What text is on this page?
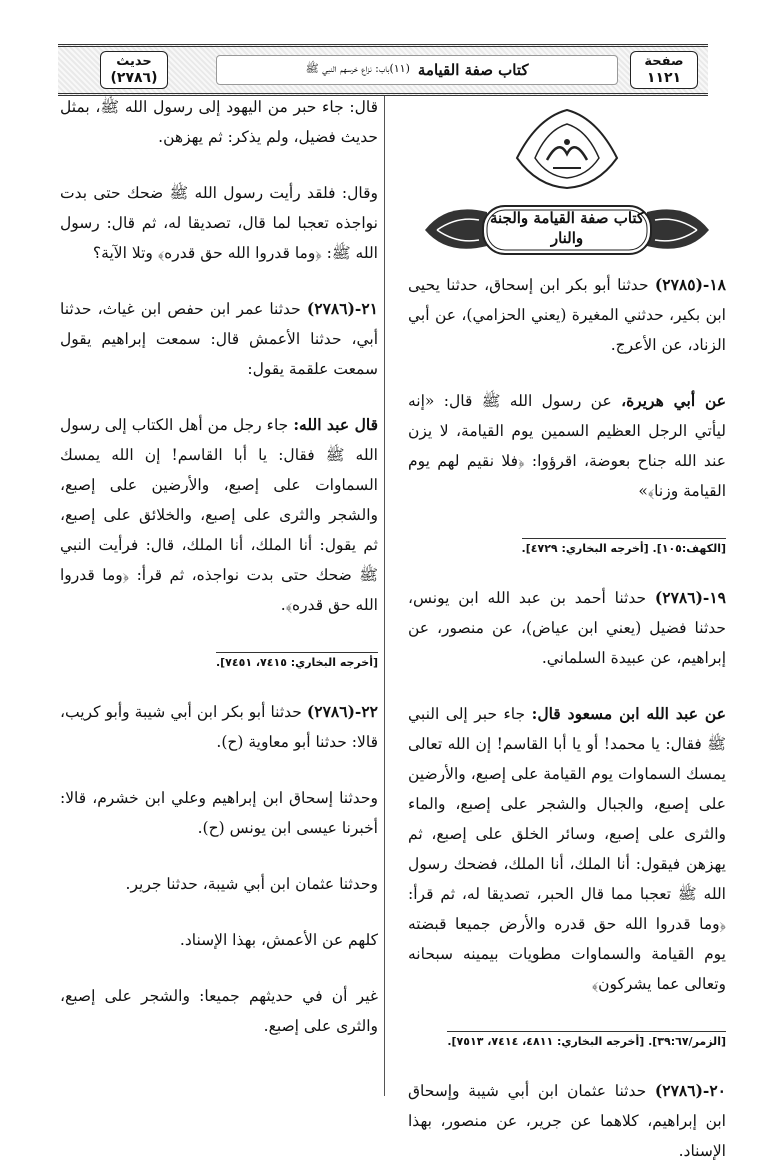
حديث
(٢٧٨٦)	كتاب صفة القيامة
(١١)باب: نزاع خرسهم النبي ﷺ	صفحة
١١٢١
كتاب صفة القيامة والجنة والنار

١٨-(٢٧٨٥) حدثنا أبو بكر ابن إسحاق، حدثنا يحيى ابن بكير، حدثني المغيرة (يعني الحزامي)، عن أبي الزناد، عن الأعرج.

عن أبي هريرة، عن رسول الله ﷺ قال: «إنه ليأتي الرجل العظيم السمين يوم القيامة، لا يزن عند الله جناح بعوضة، اقرؤوا: ﴿فلا نقيم لهم يوم القيامة وزنا﴾»

[الكهف:١٠٥]. [أخرجه البخاري: ٤٧٢٩].

١٩-(٢٧٨٦) حدثنا أحمد بن عبد الله ابن يونس، حدثنا فضيل (يعني ابن عياض)، عن منصور، عن إبراهيم، عن عبيدة السلماني.

عن عبد الله ابن مسعود قال: جاء حبر إلى النبي ﷺ فقال: يا محمد! أو يا أبا القاسم! إن الله تعالى يمسك السماوات يوم القيامة على إصبع، والأرضين على إصبع، والجبال والشجر على إصبع، والماء والثرى على إصبع، وسائر الخلق على إصبع، ثم يهزهن فيقول: أنا الملك، أنا الملك، فضحك رسول الله ﷺ تعجبا مما قال الحبر، تصديقا له، ثم قرأ: ﴿وما قدروا الله حق قدره والأرض جميعا قبضته يوم القيامة والسماوات مطويات بيمينه سبحانه وتعالى عما يشركون﴾

[الزمر/٣٩:٦٧]. [أخرجه البخاري: ٤٨١١، ٧٤١٤، ٧٥١٣].

٢٠-(٢٧٨٦) حدثنا عثمان ابن أبي شيبة وإسحاق ابن إبراهيم، كلاهما عن جرير، عن منصور، بهذا الإسناد.

قال: جاء حبر من اليهود إلى رسول الله ﷺ، بمثل حديث فضيل، ولم يذكر: ثم يهزهن.

وقال: فلقد رأيت رسول الله ﷺ ضحك حتى بدت نواجذه تعجبا لما قال، تصديقا له، ثم قال: رسول الله ﷺ: ﴿وما قدروا الله حق قدره﴾ وتلا الآية؟

٢١-(٢٧٨٦) حدثنا عمر ابن حفص ابن غياث، حدثنا أبي، حدثنا الأعمش قال: سمعت إبراهيم يقول سمعت علقمة يقول:

قال عبد الله: جاء رجل من أهل الكتاب إلى رسول الله ﷺ فقال: يا أبا القاسم! إن الله يمسك السماوات على إصبع، والأرضين على إصبع، والشجر والثرى على إصبع، والخلائق على إصبع، ثم يقول: أنا الملك، أنا الملك، قال: فرأيت النبي ﷺ ضحك حتى بدت نواجذه، ثم قرأ: ﴿وما قدروا الله حق قدره﴾.

[أخرجه البخاري: ٧٤١٥، ٧٤٥١].

٢٢-(٢٧٨٦) حدثنا أبو بكر ابن أبي شيبة وأبو كريب، قالا: حدثنا أبو معاوية (ح).

وحدثنا إسحاق ابن إبراهيم وعلي ابن خشرم، قالا: أخبرنا عيسى ابن يونس (ح).

وحدثنا عثمان ابن أبي شيبة، حدثنا جرير.

كلهم عن الأعمش، بهذا الإسناد.

غير أن في حديثهم جميعا: والشجر على إصبع، والثرى على إصبع.
